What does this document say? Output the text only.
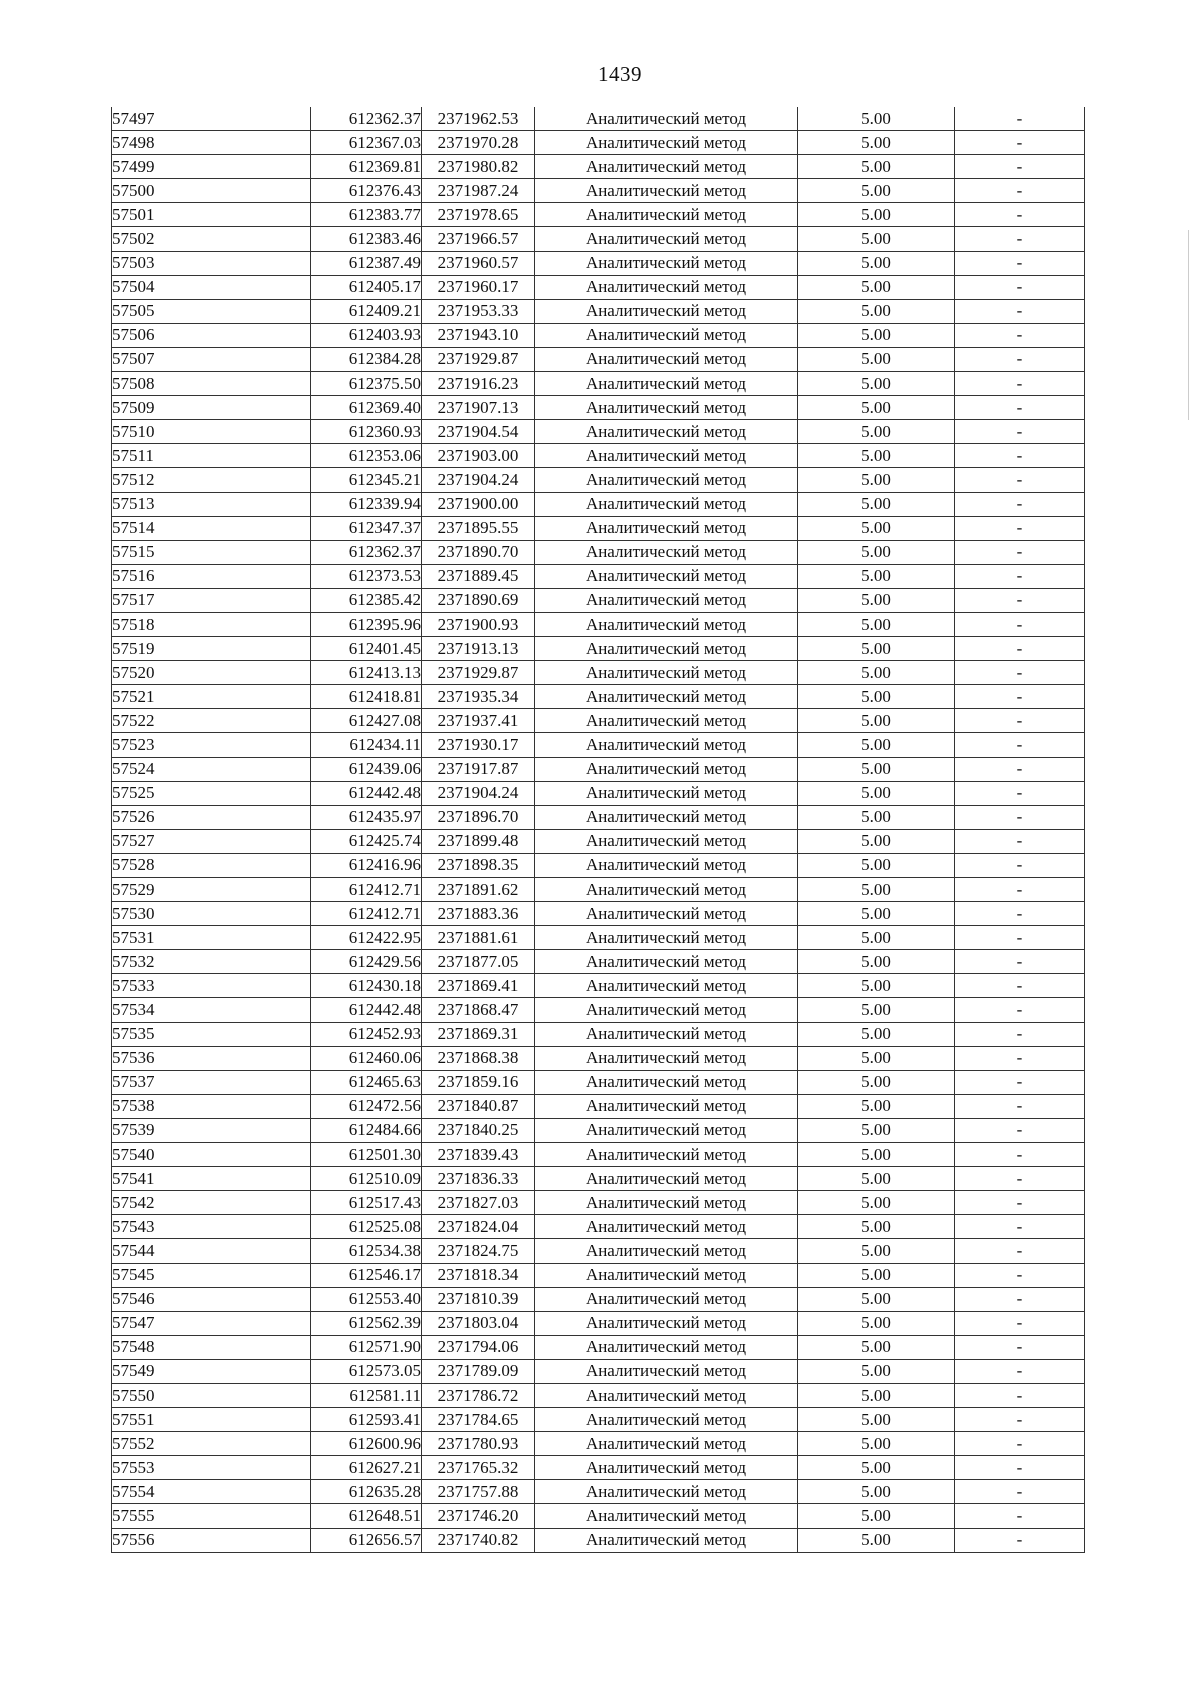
1439
57497	612362.37	2371962.53	Аналитический метод	5.00	-
57498	612367.03	2371970.28	Аналитический метод	5.00	-
57499	612369.81	2371980.82	Аналитический метод	5.00	-
57500	612376.43	2371987.24	Аналитический метод	5.00	-
57501	612383.77	2371978.65	Аналитический метод	5.00	-
57502	612383.46	2371966.57	Аналитический метод	5.00	-
57503	612387.49	2371960.57	Аналитический метод	5.00	-
57504	612405.17	2371960.17	Аналитический метод	5.00	-
57505	612409.21	2371953.33	Аналитический метод	5.00	-
57506	612403.93	2371943.10	Аналитический метод	5.00	-
57507	612384.28	2371929.87	Аналитический метод	5.00	-
57508	612375.50	2371916.23	Аналитический метод	5.00	-
57509	612369.40	2371907.13	Аналитический метод	5.00	-
57510	612360.93	2371904.54	Аналитический метод	5.00	-
57511	612353.06	2371903.00	Аналитический метод	5.00	-
57512	612345.21	2371904.24	Аналитический метод	5.00	-
57513	612339.94	2371900.00	Аналитический метод	5.00	-
57514	612347.37	2371895.55	Аналитический метод	5.00	-
57515	612362.37	2371890.70	Аналитический метод	5.00	-
57516	612373.53	2371889.45	Аналитический метод	5.00	-
57517	612385.42	2371890.69	Аналитический метод	5.00	-
57518	612395.96	2371900.93	Аналитический метод	5.00	-
57519	612401.45	2371913.13	Аналитический метод	5.00	-
57520	612413.13	2371929.87	Аналитический метод	5.00	-
57521	612418.81	2371935.34	Аналитический метод	5.00	-
57522	612427.08	2371937.41	Аналитический метод	5.00	-
57523	612434.11	2371930.17	Аналитический метод	5.00	-
57524	612439.06	2371917.87	Аналитический метод	5.00	-
57525	612442.48	2371904.24	Аналитический метод	5.00	-
57526	612435.97	2371896.70	Аналитический метод	5.00	-
57527	612425.74	2371899.48	Аналитический метод	5.00	-
57528	612416.96	2371898.35	Аналитический метод	5.00	-
57529	612412.71	2371891.62	Аналитический метод	5.00	-
57530	612412.71	2371883.36	Аналитический метод	5.00	-
57531	612422.95	2371881.61	Аналитический метод	5.00	-
57532	612429.56	2371877.05	Аналитический метод	5.00	-
57533	612430.18	2371869.41	Аналитический метод	5.00	-
57534	612442.48	2371868.47	Аналитический метод	5.00	-
57535	612452.93	2371869.31	Аналитический метод	5.00	-
57536	612460.06	2371868.38	Аналитический метод	5.00	-
57537	612465.63	2371859.16	Аналитический метод	5.00	-
57538	612472.56	2371840.87	Аналитический метод	5.00	-
57539	612484.66	2371840.25	Аналитический метод	5.00	-
57540	612501.30	2371839.43	Аналитический метод	5.00	-
57541	612510.09	2371836.33	Аналитический метод	5.00	-
57542	612517.43	2371827.03	Аналитический метод	5.00	-
57543	612525.08	2371824.04	Аналитический метод	5.00	-
57544	612534.38	2371824.75	Аналитический метод	5.00	-
57545	612546.17	2371818.34	Аналитический метод	5.00	-
57546	612553.40	2371810.39	Аналитический метод	5.00	-
57547	612562.39	2371803.04	Аналитический метод	5.00	-
57548	612571.90	2371794.06	Аналитический метод	5.00	-
57549	612573.05	2371789.09	Аналитический метод	5.00	-
57550	612581.11	2371786.72	Аналитический метод	5.00	-
57551	612593.41	2371784.65	Аналитический метод	5.00	-
57552	612600.96	2371780.93	Аналитический метод	5.00	-
57553	612627.21	2371765.32	Аналитический метод	5.00	-
57554	612635.28	2371757.88	Аналитический метод	5.00	-
57555	612648.51	2371746.20	Аналитический метод	5.00	-
57556	612656.57	2371740.82	Аналитический метод	5.00	-
